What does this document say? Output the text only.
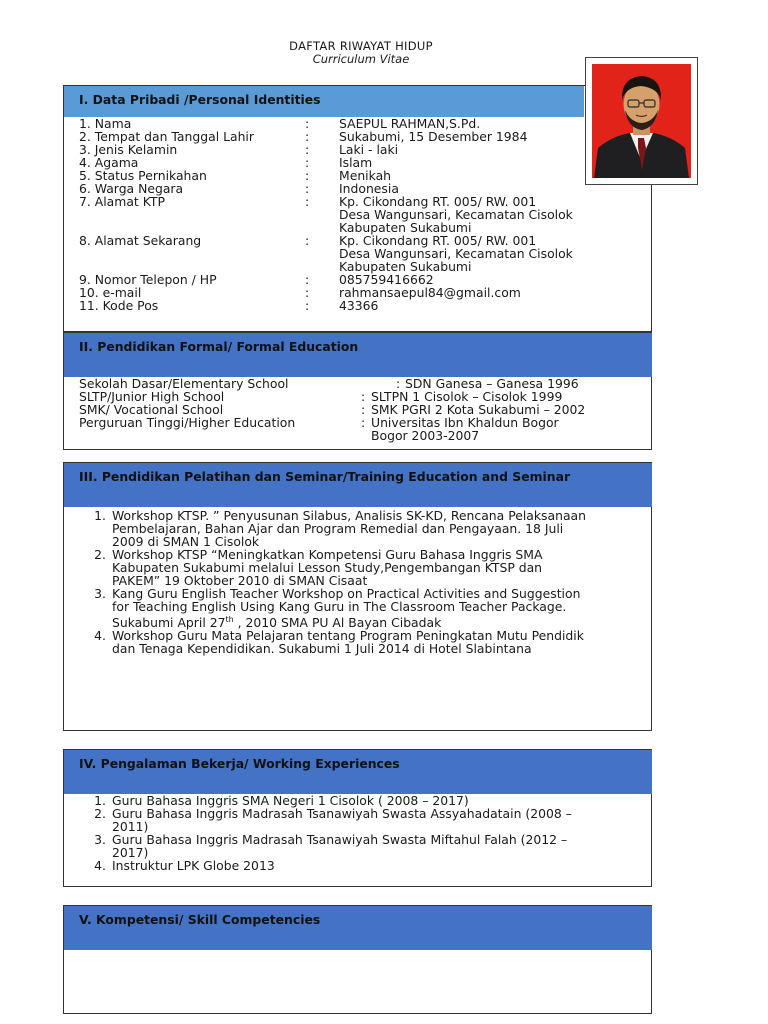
DAFTAR RIWAYAT HIDUP
Curriculum Vitae
I. Data Pribadi /Personal Identities
II. Pendidikan Formal/ Formal Education
III. Pendidikan Pelatihan dan Seminar/Training Education and Seminar
IV. Pengalaman Bekerja/ Working Experiences
V. Kompetensi/ Skill Competencies
1. Workshop KTSP. ” Penyusunan Silabus, Analisis SK-KD, Rencana Pelaksanaan
Pembelajaran, Bahan Ajar dan Program Remedial dan Pengayaan. 18 Juli
2009 di SMAN 1 Cisolok
2. Workshop KTSP “Meningkatkan Kompetensi Guru Bahasa Inggris SMA
Kabupaten Sukabumi melalui Lesson Study,Pengembangan KTSP dan
PAKEM” 19 Oktober 2010 di SMAN Cisaat
3. Kang Guru English Teacher Workshop on Practical Activities and Suggestion
for Teaching English Using Kang Guru in The Classroom Teacher Package.
Sukabumi April 27th , 2010 SMA PU Al Bayan Cibadak
4. Workshop Guru Mata Pelajaran tentang Program Peningkatan Mutu Pendidik
dan Tenaga Kependidikan. Sukabumi 1 Juli 2014 di Hotel Slabintana
1. Guru Bahasa Inggris SMA Negeri 1 Cisolok ( 2008 – 2017)
2. Guru Bahasa Inggris Madrasah Tsanawiyah Swasta Assyahadatain (2008 –
2011)
3. Guru Bahasa Inggris Madrasah Tsanawiyah Swasta Miftahul Falah (2012 –
2017)
4. Instruktur LPK Globe 2013
1. Nama	: SAEPUL RAHMAN,S.Pd.
2. Tempat dan Tanggal Lahir	: Sukabumi, 15 Desember 1984
3. Jenis Kelamin	: Laki - laki
4. Agama	: Islam
5. Status Pernikahan	: Menikah
6. Warga Negara	: Indonesia
7. Alamat KTP	: Kp. Cikondang RT. 005/ RW. 001
Desa Wangunsari, Kecamatan Cisolok
Kabupaten Sukabumi
8. Alamat Sekarang	: Kp. Cikondang RT. 005/ RW. 001
Desa Wangunsari, Kecamatan Cisolok
Kabupaten Sukabumi
9. Nomor Telepon / HP	: 085759416662
10. e-mail	: rahmansaepul84@gmail.com
11. Kode Pos	: 43366
Sekolah Dasar/Elementary School	: SDN Ganesa – Ganesa 1996
SLTP/Junior High School	: SLTPN 1 Cisolok – Cisolok 1999
SMK/ Vocational School	: SMK PGRI 2 Kota Sukabumi – 2002
Perguruan Tinggi/Higher Education	: Universitas Ibn Khaldun Bogor
Bogor 2003-2007
